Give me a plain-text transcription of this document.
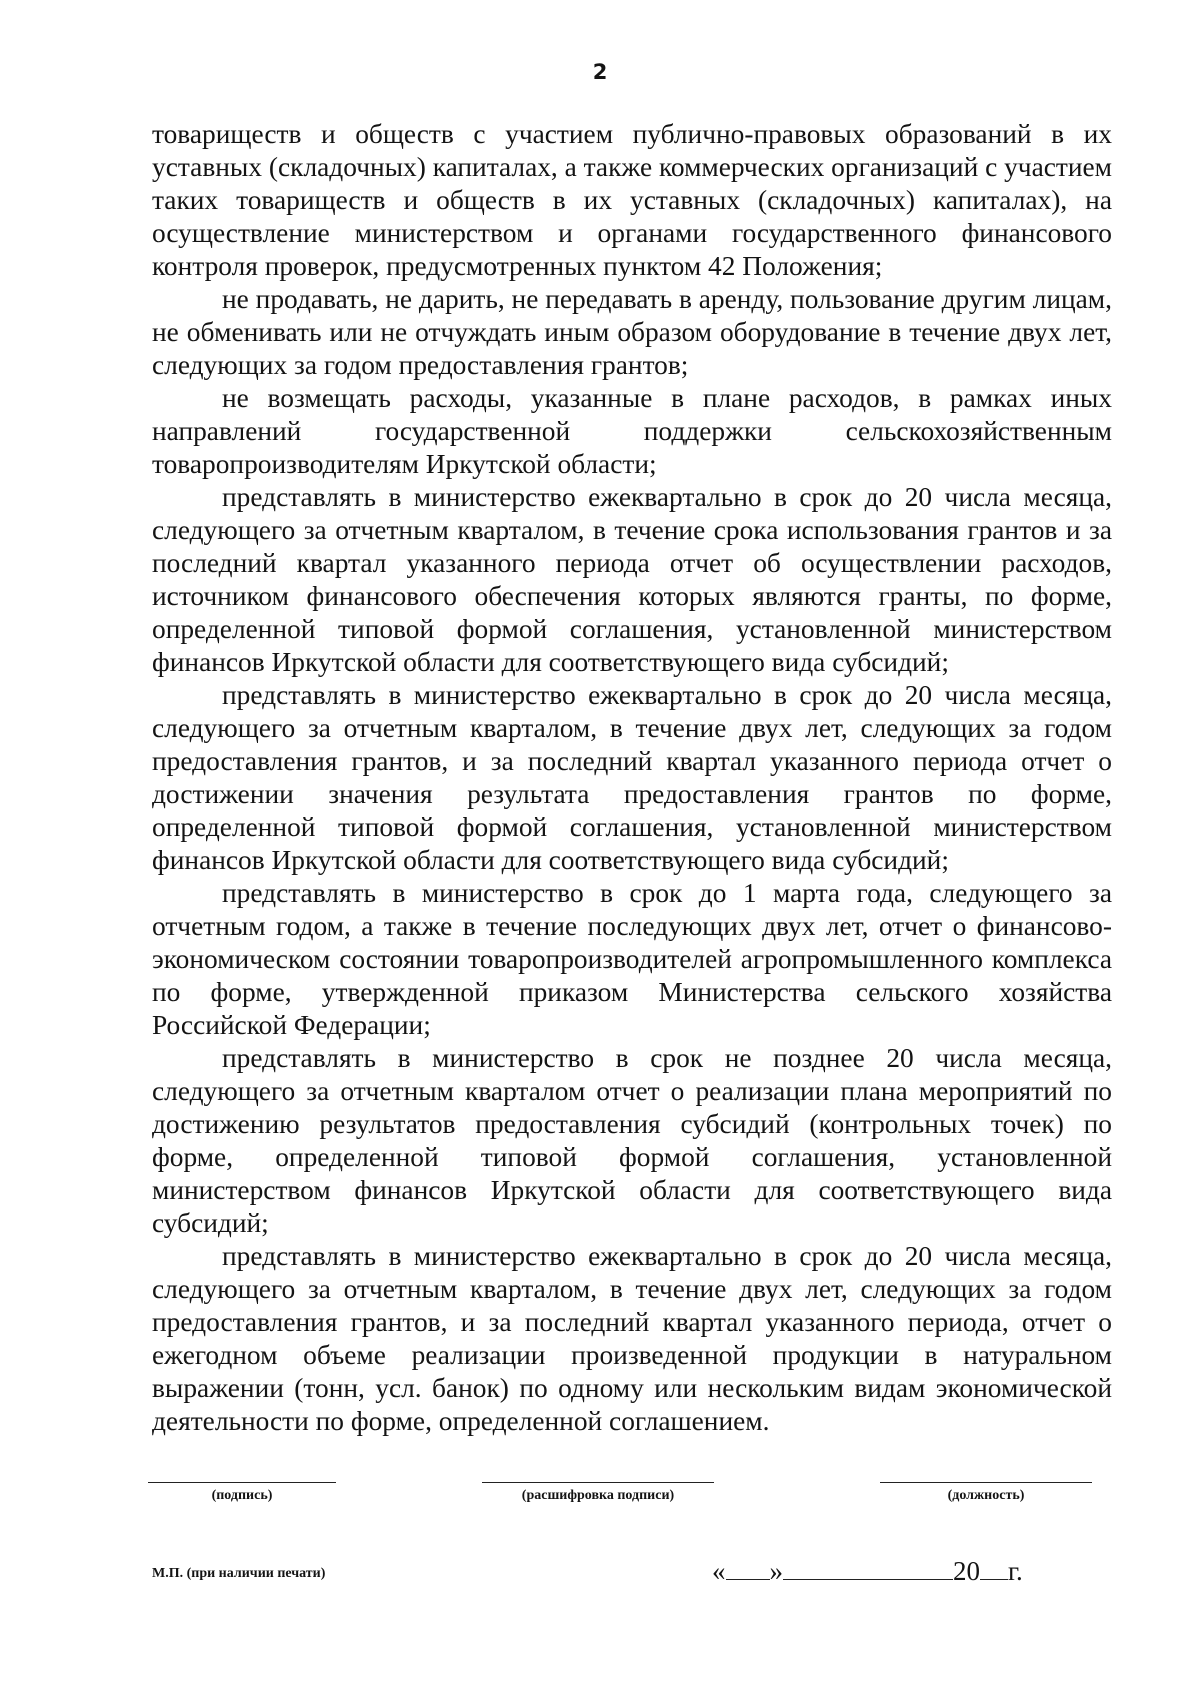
2

товариществ и обществ с участием публично-правовых образований в их уставных (складочных) капиталах, а также коммерческих организаций с участием таких товариществ и обществ в их уставных (складочных) капиталах), на осуществление министерством и органами государственного финансового контроля проверок, предусмотренных пунктом 42 Положения;

не продавать, не дарить, не передавать в аренду, пользование другим лицам, не обменивать или не отчуждать иным образом оборудование в течение двух лет, следующих за годом предоставления грантов;

не возмещать расходы, указанные в плане расходов, в рамках иных направлений государственной поддержки сельскохозяйственным товаропроизводителям Иркутской области;

представлять в министерство ежеквартально в срок до 20 числа месяца, следующего за отчетным кварталом, в течение срока использования грантов и за последний квартал указанного периода отчет об осуществлении расходов, источником финансового обеспечения которых являются гранты, по форме, определенной типовой формой соглашения, установленной министерством финансов Иркутской области для соответствующего вида субсидий;

представлять в министерство ежеквартально в срок до 20 числа месяца, следующего за отчетным кварталом, в течение двух лет, следующих за годом предоставления грантов, и за последний квартал указанного периода отчет о достижении значения результата предоставления грантов по форме, определенной типовой формой соглашения, установленной министерством финансов Иркутской области для соответствующего вида субсидий;

представлять в министерство в срок до 1 марта года, следующего за отчетным годом, а также в течение последующих двух лет, отчет о финансово-экономическом состоянии товаропроизводителей агропромышленного комплекса по форме, утвержденной приказом Министерства сельского хозяйства Российской Федерации;

представлять в министерство в срок не позднее 20 числа месяца, следующего за отчетным кварталом отчет о реализации плана мероприятий по достижению результатов предоставления субсидий (контрольных точек) по форме, определенной типовой формой соглашения, установленной министерством финансов Иркутской области для соответствующего вида субсидий;

представлять в министерство ежеквартально в срок до 20 числа месяца, следующего за отчетным кварталом, в течение двух лет, следующих за годом предоставления грантов, и за последний квартал указанного периода, отчет о ежегодном объеме реализации произведенной продукции в натуральном выражении (тонн, усл. банок) по одному или нескольким видам экономической деятельности по форме, определенной соглашением.

(подпись)	(расшифровка подписи)	(должность)
М.П. (при наличии печати)	« »	20 г.
